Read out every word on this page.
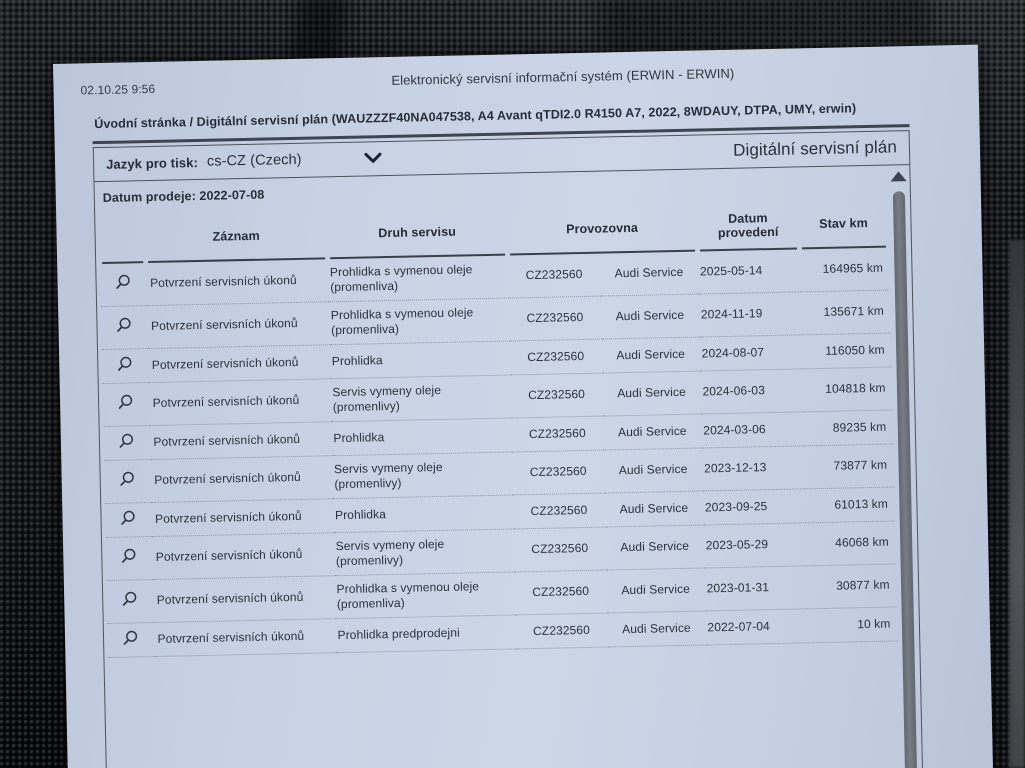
02.10.25 9:56
Elektronický servisní informační systém (ERWIN - ERWIN)
Úvodní stránka / Digitální servisní plán (WAUZZZF40NA047538, A4 Avant qTDI2.0 R4150 A7, 2022, 8WDAUY, DTPA, UMY, erwin)
Jazyk pro tisk: cs-CZ (Czech)
Digitální servisní plán
Datum prodeje: 2022-07-08
	Záznam	Druh servisu	Provozovna		Datum provedení	Stav km
	Potvrzení servisních úkonů	Prohlidka s vymenou oleje (promenliva)	CZ232560	Audi Service	2025-05-14	164965 km
	Potvrzení servisních úkonů	Prohlidka s vymenou oleje (promenliva)	CZ232560	Audi Service	2024-11-19	135671 km
	Potvrzení servisních úkonů	Prohlidka	CZ232560	Audi Service	2024-08-07	116050 km
	Potvrzení servisních úkonů	Servis vymeny oleje (promenlivy)	CZ232560	Audi Service	2024-06-03	104818 km
	Potvrzení servisních úkonů	Prohlidka	CZ232560	Audi Service	2024-03-06	89235 km
	Potvrzení servisních úkonů	Servis vymeny oleje (promenlivy)	CZ232560	Audi Service	2023-12-13	73877 km
	Potvrzení servisních úkonů	Prohlidka	CZ232560	Audi Service	2023-09-25	61013 km
	Potvrzení servisních úkonů	Servis vymeny oleje (promenlivy)	CZ232560	Audi Service	2023-05-29	46068 km
	Potvrzení servisních úkonů	Prohlidka s vymenou oleje (promenliva)	CZ232560	Audi Service	2023-01-31	30877 km
	Potvrzení servisních úkonů	Prohlidka predprodejni	CZ232560	Audi Service	2022-07-04	10 km
